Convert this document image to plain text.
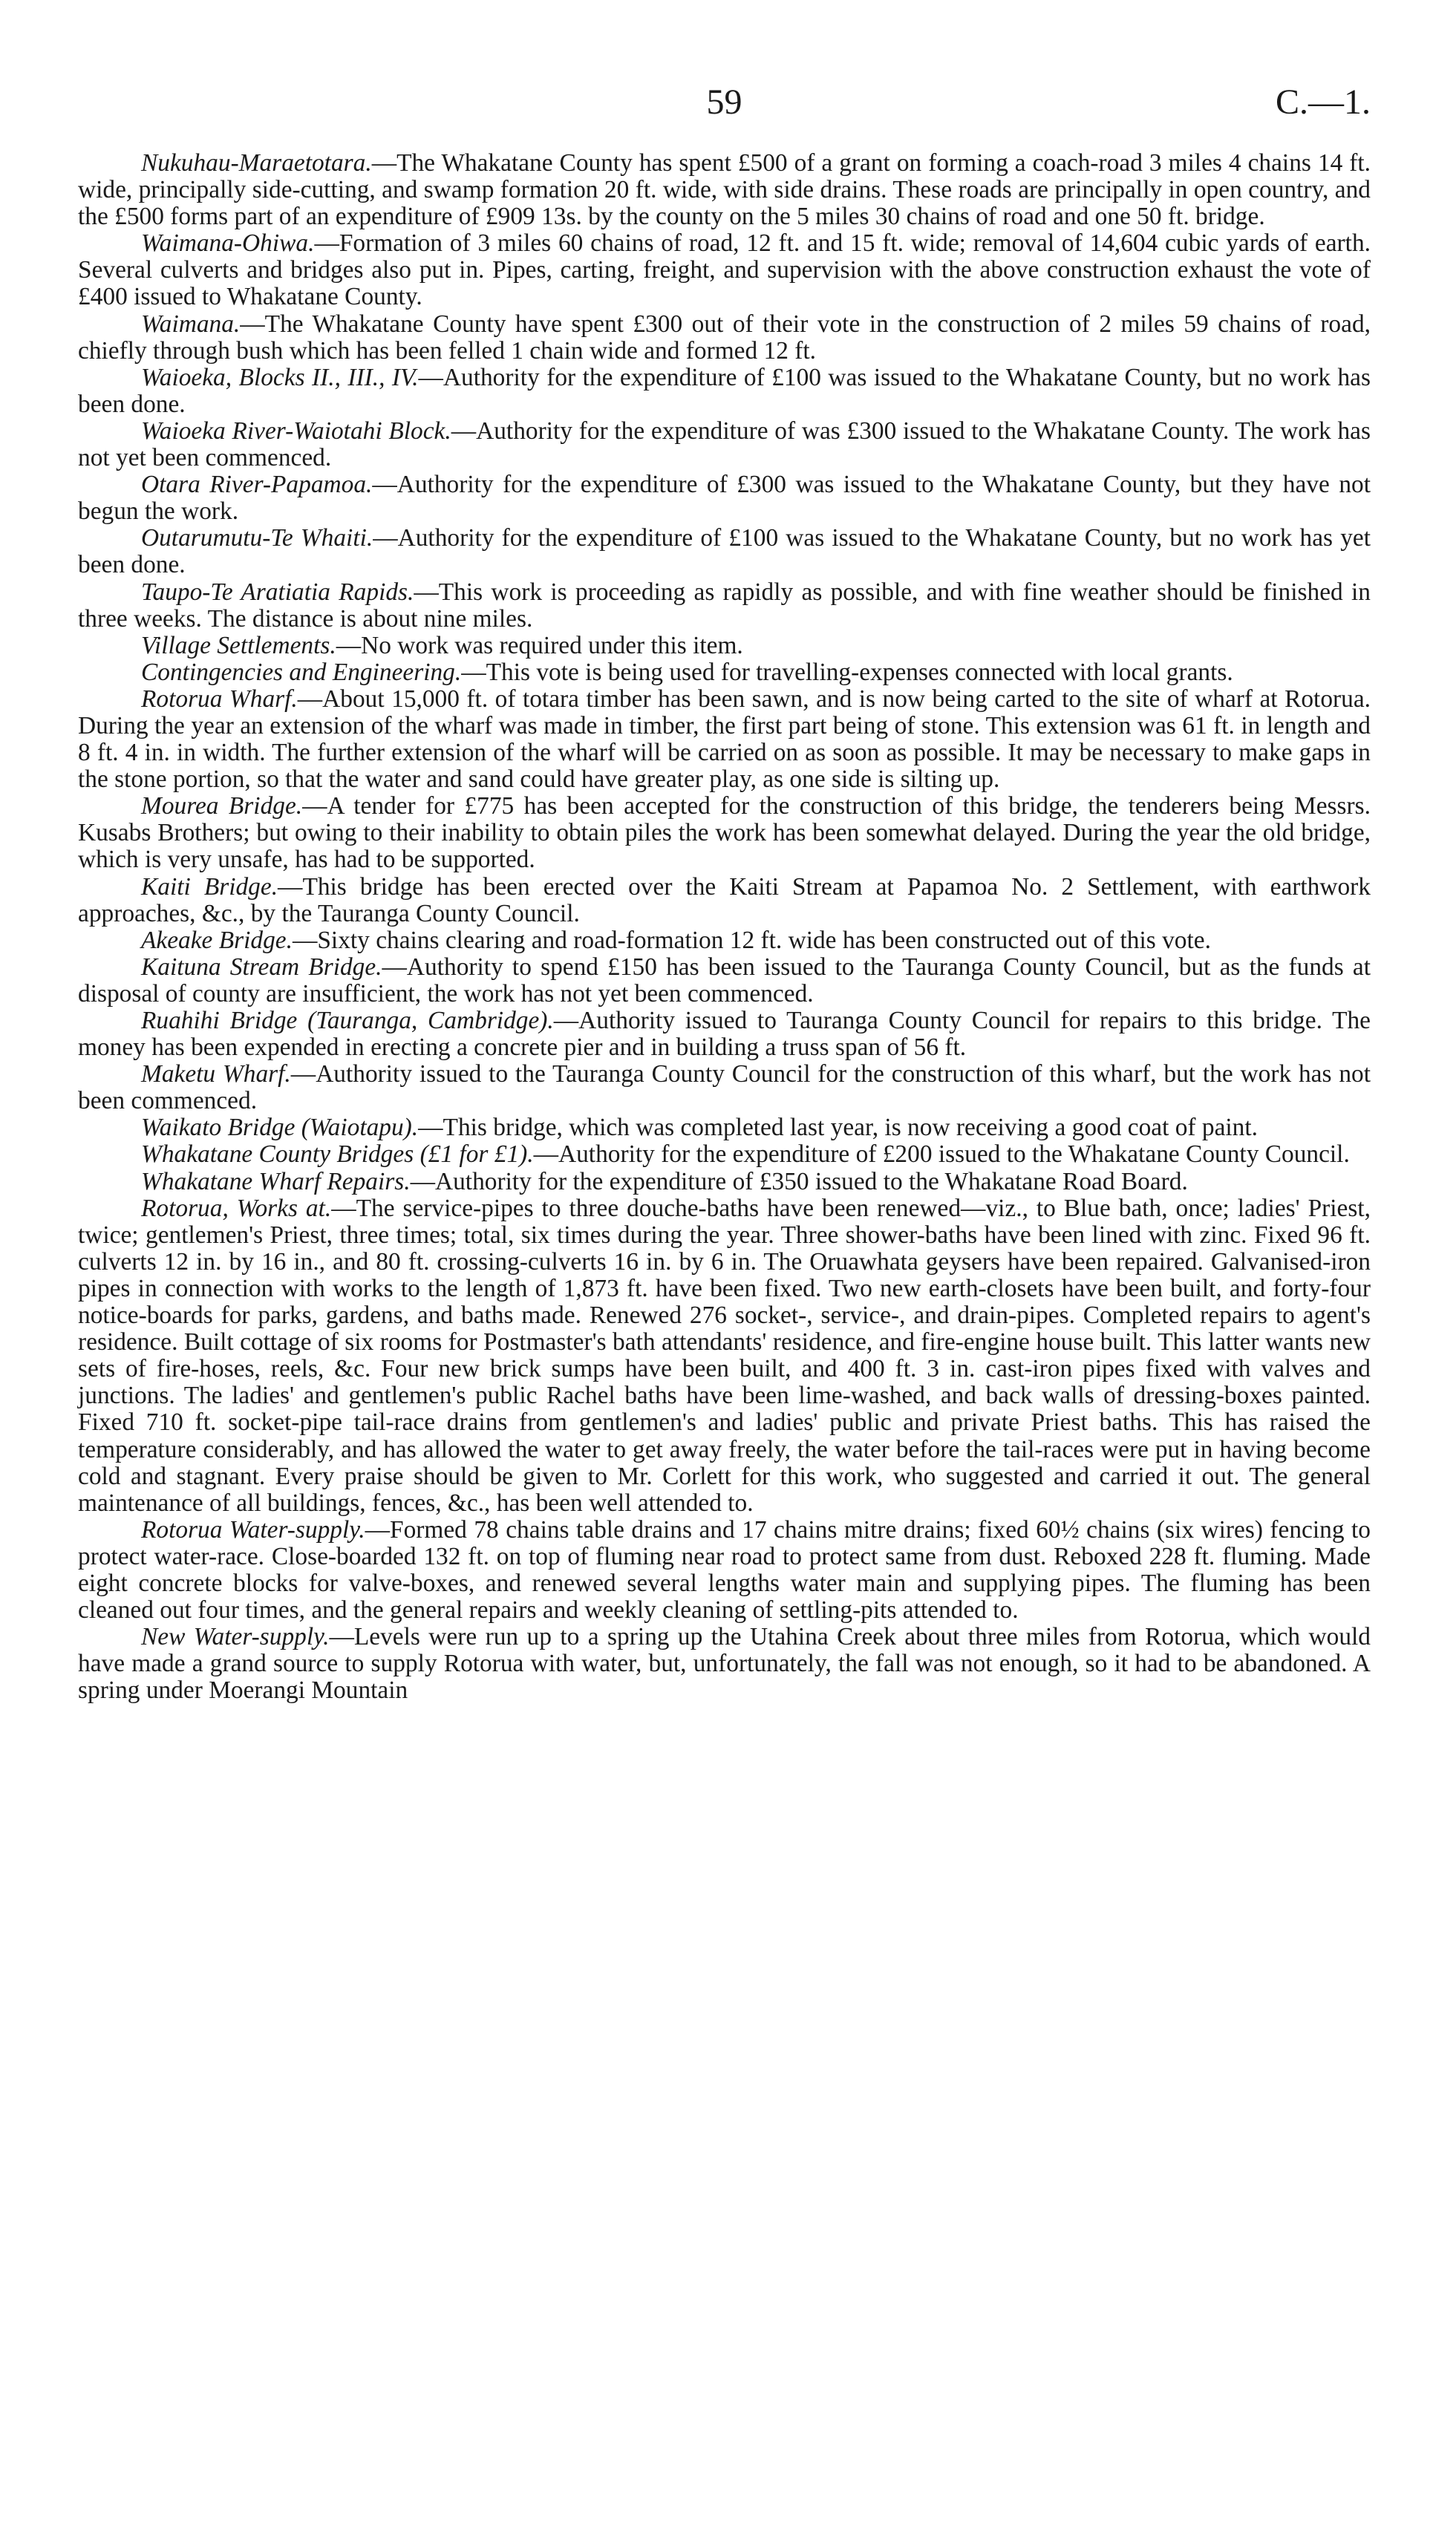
59	C.—1.

Nukuhau-Maraetotara.—The Whakatane County has spent £500 of a grant on forming a coach-road 3 miles 4 chains 14 ft. wide, principally side-cutting, and swamp formation 20 ft. wide, with side drains. These roads are principally in open country, and the £500 forms part of an expenditure of £909 13s. by the county on the 5 miles 30 chains of road and one 50 ft. bridge.

Waimana-Ohiwa.—Formation of 3 miles 60 chains of road, 12 ft. and 15 ft. wide; removal of 14,604 cubic yards of earth. Several culverts and bridges also put in. Pipes, carting, freight, and supervision with the above construction exhaust the vote of £400 issued to Whakatane County.

Waimana.—The Whakatane County have spent £300 out of their vote in the construction of 2 miles 59 chains of road, chiefly through bush which has been felled 1 chain wide and formed 12 ft.

Waioeka, Blocks II., III., IV.—Authority for the expenditure of £100 was issued to the Whakatane County, but no work has been done.

Waioeka River-Waiotahi Block.—Authority for the expenditure of was £300 issued to the Whakatane County. The work has not yet been commenced.

Otara River-Papamoa.—Authority for the expenditure of £300 was issued to the Whakatane County, but they have not begun the work.

Outarumutu-Te Whaiti.—Authority for the expenditure of £100 was issued to the Whakatane County, but no work has yet been done.

Taupo-Te Aratiatia Rapids.—This work is proceeding as rapidly as possible, and with fine weather should be finished in three weeks. The distance is about nine miles.

Village Settlements.—No work was required under this item.

Contingencies and Engineering.—This vote is being used for travelling-expenses connected with local grants.

Rotorua Wharf.—About 15,000 ft. of totara timber has been sawn, and is now being carted to the site of wharf at Rotorua. During the year an extension of the wharf was made in timber, the first part being of stone. This extension was 61 ft. in length and 8 ft. 4 in. in width. The further extension of the wharf will be carried on as soon as possible. It may be necessary to make gaps in the stone portion, so that the water and sand could have greater play, as one side is silting up.

Mourea Bridge.—A tender for £775 has been accepted for the construction of this bridge, the tenderers being Messrs. Kusabs Brothers; but owing to their inability to obtain piles the work has been somewhat delayed. During the year the old bridge, which is very unsafe, has had to be supported.

Kaiti Bridge.—This bridge has been erected over the Kaiti Stream at Papamoa No. 2 Settlement, with earthwork approaches, &c., by the Tauranga County Council.

Akeake Bridge.—Sixty chains clearing and road-formation 12 ft. wide has been constructed out of this vote.

Kaituna Stream Bridge.—Authority to spend £150 has been issued to the Tauranga County Council, but as the funds at disposal of county are insufficient, the work has not yet been commenced.

Ruahihi Bridge (Tauranga, Cambridge).—Authority issued to Tauranga County Council for repairs to this bridge. The money has been expended in erecting a concrete pier and in building a truss span of 56 ft.

Maketu Wharf.—Authority issued to the Tauranga County Council for the construction of this wharf, but the work has not been commenced.

Waikato Bridge (Waiotapu).—This bridge, which was completed last year, is now receiving a good coat of paint.

Whakatane County Bridges (£1 for £1).—Authority for the expenditure of £200 issued to the Whakatane County Council.

Whakatane Wharf Repairs.—Authority for the expenditure of £350 issued to the Whakatane Road Board.

Rotorua, Works at.—The service-pipes to three douche-baths have been renewed—viz., to Blue bath, once; ladies' Priest, twice; gentlemen's Priest, three times; total, six times during the year. Three shower-baths have been lined with zinc. Fixed 96 ft. culverts 12 in. by 16 in., and 80 ft. crossing-culverts 16 in. by 6 in. The Oruawhata geysers have been repaired. Galvanised-iron pipes in connection with works to the length of 1,873 ft. have been fixed. Two new earth-closets have been built, and forty-four notice-boards for parks, gardens, and baths made. Renewed 276 socket-, service-, and drain-pipes. Completed repairs to agent's residence. Built cottage of six rooms for Postmaster's bath attendants' residence, and fire-engine house built. This latter wants new sets of fire-hoses, reels, &c. Four new brick sumps have been built, and 400 ft. 3 in. cast-iron pipes fixed with valves and junctions. The ladies' and gentlemen's public Rachel baths have been lime-washed, and back walls of dressing-boxes painted. Fixed 710 ft. socket-pipe tail-race drains from gentlemen's and ladies' public and private Priest baths. This has raised the temperature considerably, and has allowed the water to get away freely, the water before the tail-races were put in having become cold and stagnant. Every praise should be given to Mr. Corlett for this work, who suggested and carried it out. The general maintenance of all buildings, fences, &c., has been well attended to.

Rotorua Water-supply.—Formed 78 chains table drains and 17 chains mitre drains; fixed 60½ chains (six wires) fencing to protect water-race. Close-boarded 132 ft. on top of fluming near road to protect same from dust. Reboxed 228 ft. fluming. Made eight concrete blocks for valve-boxes, and renewed several lengths water main and supplying pipes. The fluming has been cleaned out four times, and the general repairs and weekly cleaning of settling-pits attended to.

New Water-supply.—Levels were run up to a spring up the Utahina Creek about three miles from Rotorua, which would have made a grand source to supply Rotorua with water, but, unfortunately, the fall was not enough, so it had to be abandoned. A spring under Moerangi Mountain
